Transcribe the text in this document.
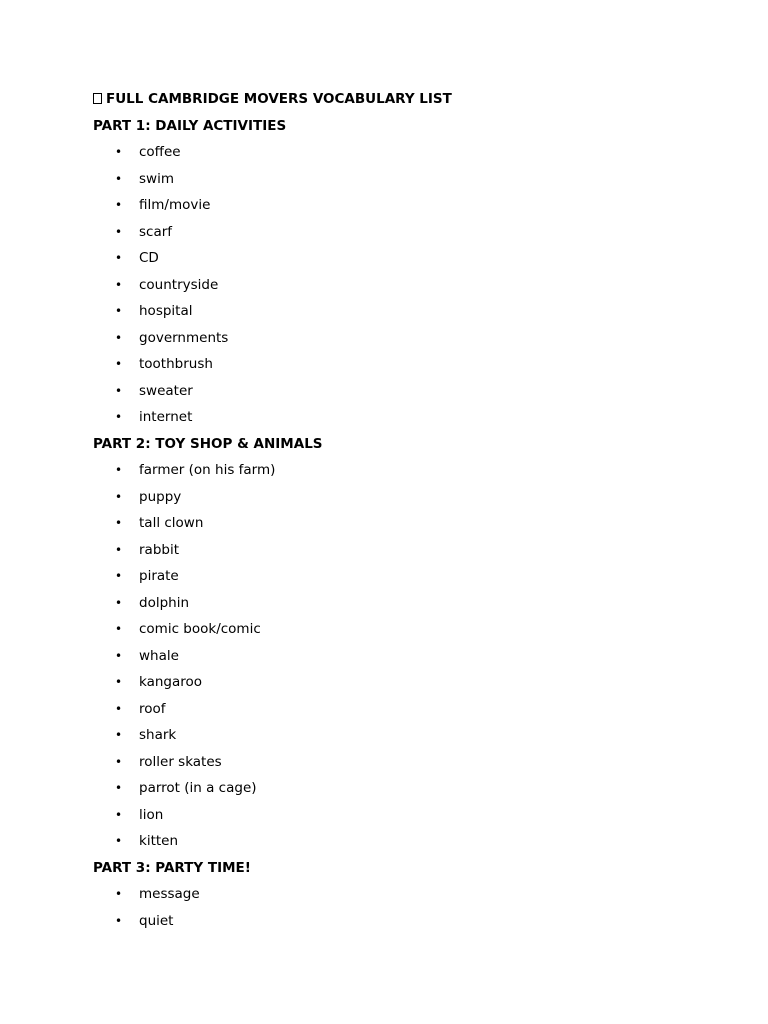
FULL CAMBRIDGE MOVERS VOCABULARY LIST
PART 1: DAILY ACTIVITIES
• coffee
• swim
• film/movie
• scarf
• CD
• countryside
• hospital
• governments
• toothbrush
• sweater
• internet
PART 2: TOY SHOP & ANIMALS
• farmer (on his farm)
• puppy
• tall clown
• rabbit
• pirate
• dolphin
• comic book/comic
• whale
• kangaroo
• roof
• shark
• roller skates
• parrot (in a cage)
• lion
• kitten
PART 3: PARTY TIME!
• message
• quiet
